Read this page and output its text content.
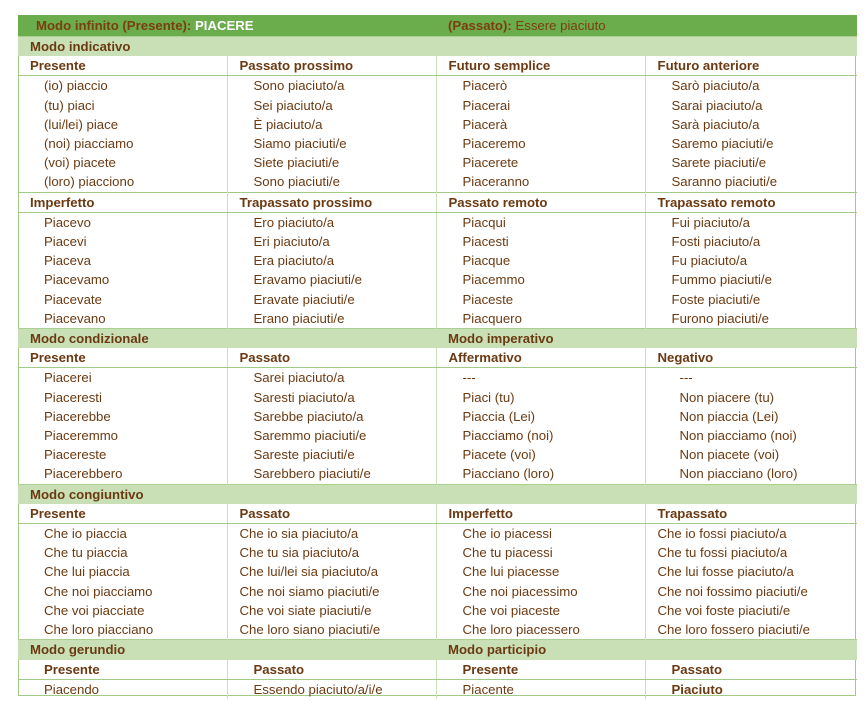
Modo infinito (Presente): PIACERE		(Passato): Essere piaciuto	
Modo indicativo			
Presente	Passato prossimo	Futuro semplice	Futuro anteriore
(io) piaccio	Sono piaciuto/a	Piacerò	Sarò piaciuto/a
(tu) piaci	Sei piaciuto/a	Piacerai	Sarai piaciuto/a
(lui/lei) piace	È piaciuto/a	Piacerà	Sarà piaciuto/a
(noi) piacciamo	Siamo piaciuti/e	Piaceremo	Saremo piaciuti/e
(voi) piacete	Siete piaciuti/e	Piacerete	Sarete piaciuti/e
(loro) piacciono	Sono piaciuti/e	Piaceranno	Saranno piaciuti/e
Imperfetto	Trapassato prossimo	Passato remoto	Trapassato remoto
Piacevo	Ero piaciuto/a	Piacqui	Fui piaciuto/a
Piacevi	Eri piaciuto/a	Piacesti	Fosti piaciuto/a
Piaceva	Era piaciuto/a	Piacque	Fu piaciuto/a
Piacevamo	Eravamo piaciuti/e	Piacemmo	Fummo piaciuti/e
Piacevate	Eravate piaciuti/e	Piaceste	Foste piaciuti/e
Piacevano	Erano piaciuti/e	Piacquero	Furono piaciuti/e
Modo condizionale		Modo imperativo	
Presente	Passato	Affermativo	Negativo
Piacerei	Sarei piaciuto/a	---	---
Piaceresti	Saresti piaciuto/a	Piaci (tu)	Non piacere (tu)
Piacerebbe	Sarebbe piaciuto/a	Piaccia (Lei)	Non piaccia (Lei)
Piaceremmo	Saremmo piaciuti/e	Piacciamo (noi)	Non piacciamo (noi)
Piacereste	Sareste piaciuti/e	Piacete (voi)	Non piacete (voi)
Piacerebbero	Sarebbero piaciuti/e	Piacciano (loro)	Non piacciano (loro)
Modo congiuntivo			
Presente	Passato	Imperfetto	Trapassato
Che io piaccia	Che io sia piaciuto/a	Che io piacessi	Che io fossi piaciuto/a
Che tu piaccia	Che tu sia piaciuto/a	Che tu piacessi	Che tu fossi piaciuto/a
Che lui piaccia	Che lui/lei sia piaciuto/a	Che lui piacesse	Che lui fosse piaciuto/a
Che noi piacciamo	Che noi siamo piaciuti/e	Che noi piacessimo	Che noi fossimo piaciuti/e
Che voi piacciate	Che voi siate piaciuti/e	Che voi piaceste	Che voi foste piaciuti/e
Che loro piacciano	Che loro siano piaciuti/e	Che loro piacessero	Che loro fossero piaciuti/e
Modo gerundio		Modo participio	
Presente	Passato	Presente	Passato
Piacendo	Essendo piaciuto/a/i/e	Piacente	Piaciuto
